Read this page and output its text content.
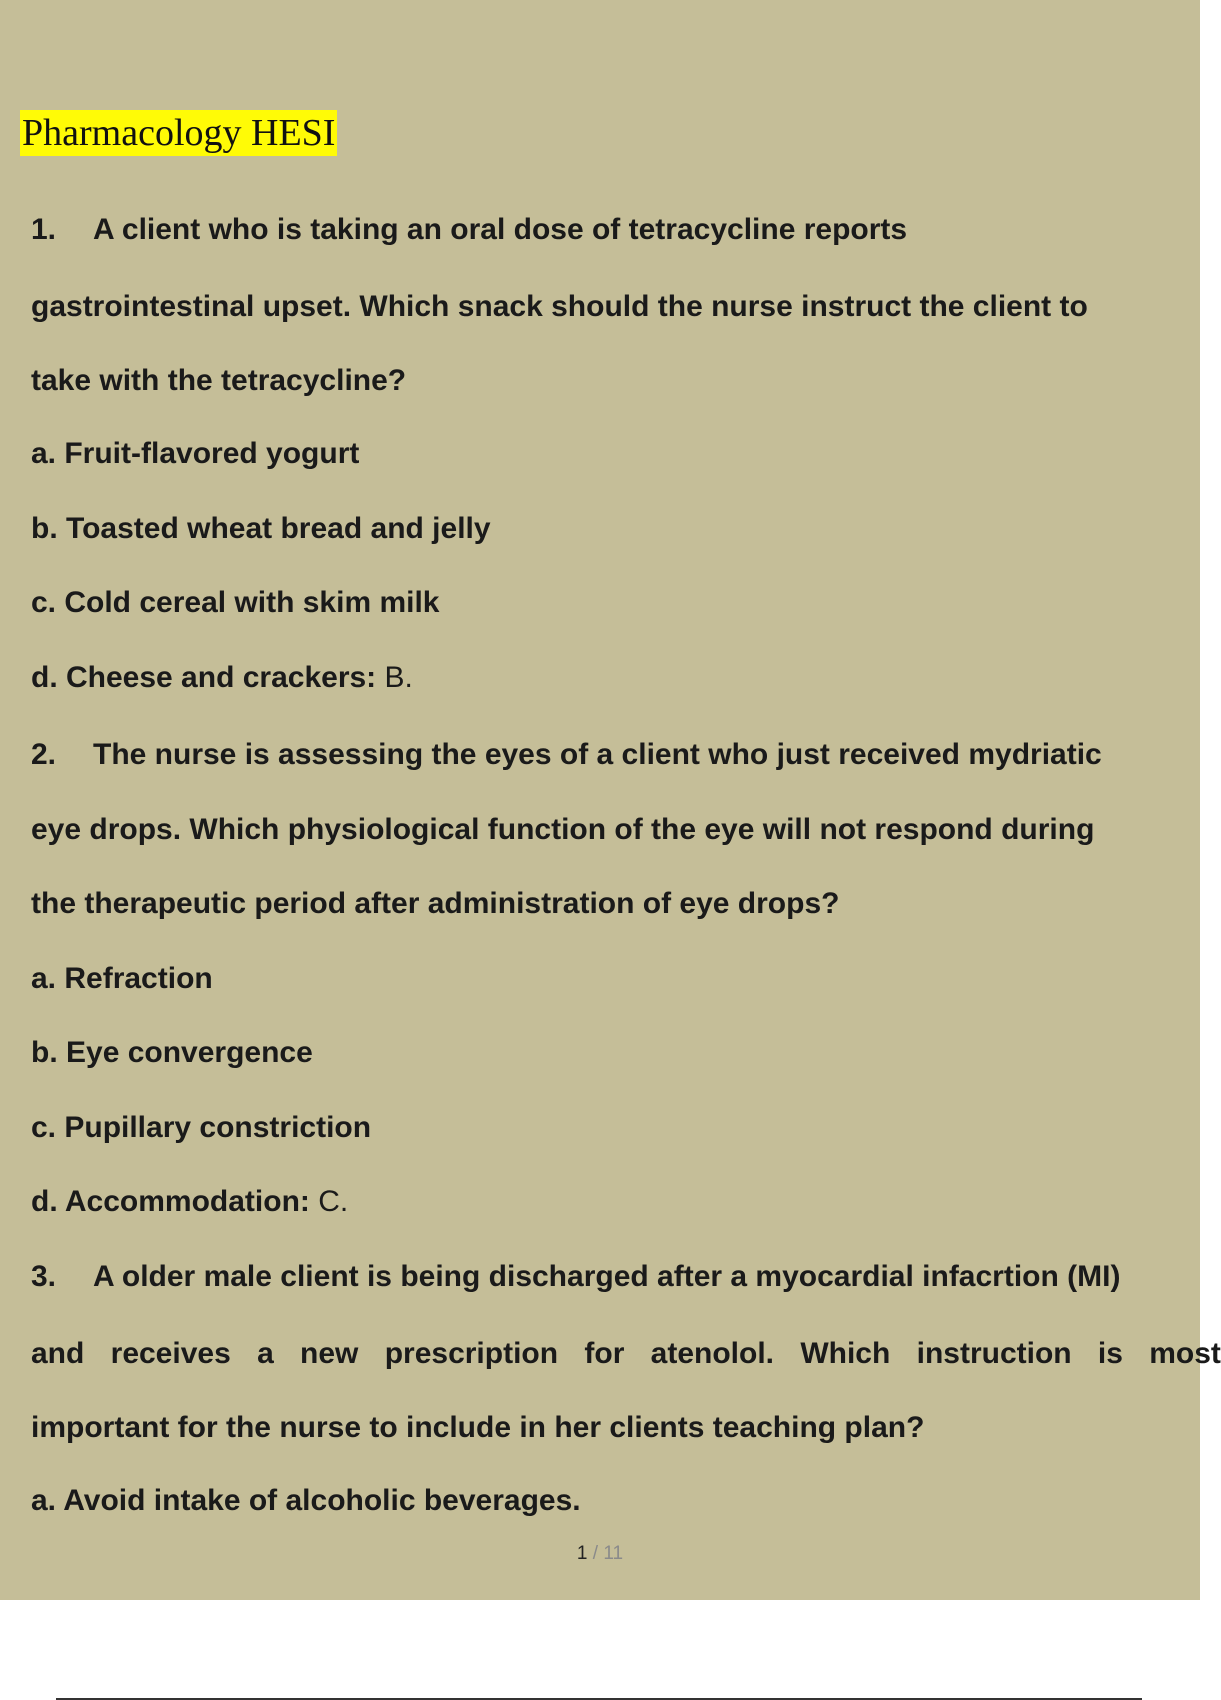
Pharmacology HESI
1. A client who is taking an oral dose of tetracycline reports
gastrointestinal upset. Which snack should the nurse instruct the client to
take with the tetracycline?
a. Fruit-flavored yogurt
b. Toasted wheat bread and jelly
c. Cold cereal with skim milk
d. Cheese and crackers: B.
2. The nurse is assessing the eyes of a client who just received mydriatic
eye drops. Which physiological function of the eye will not respond during
the therapeutic period after administration of eye drops?
a. Refraction
b. Eye convergence
c. Pupillary constriction
d. Accommodation: C.
3. A older male client is being discharged after a myocardial infacrtion (MI)
and receives a new prescription for atenolol. Which instruction is most
important for the nurse to include in her clients teaching plan?
a. Avoid intake of alcoholic beverages.
1 / 11
